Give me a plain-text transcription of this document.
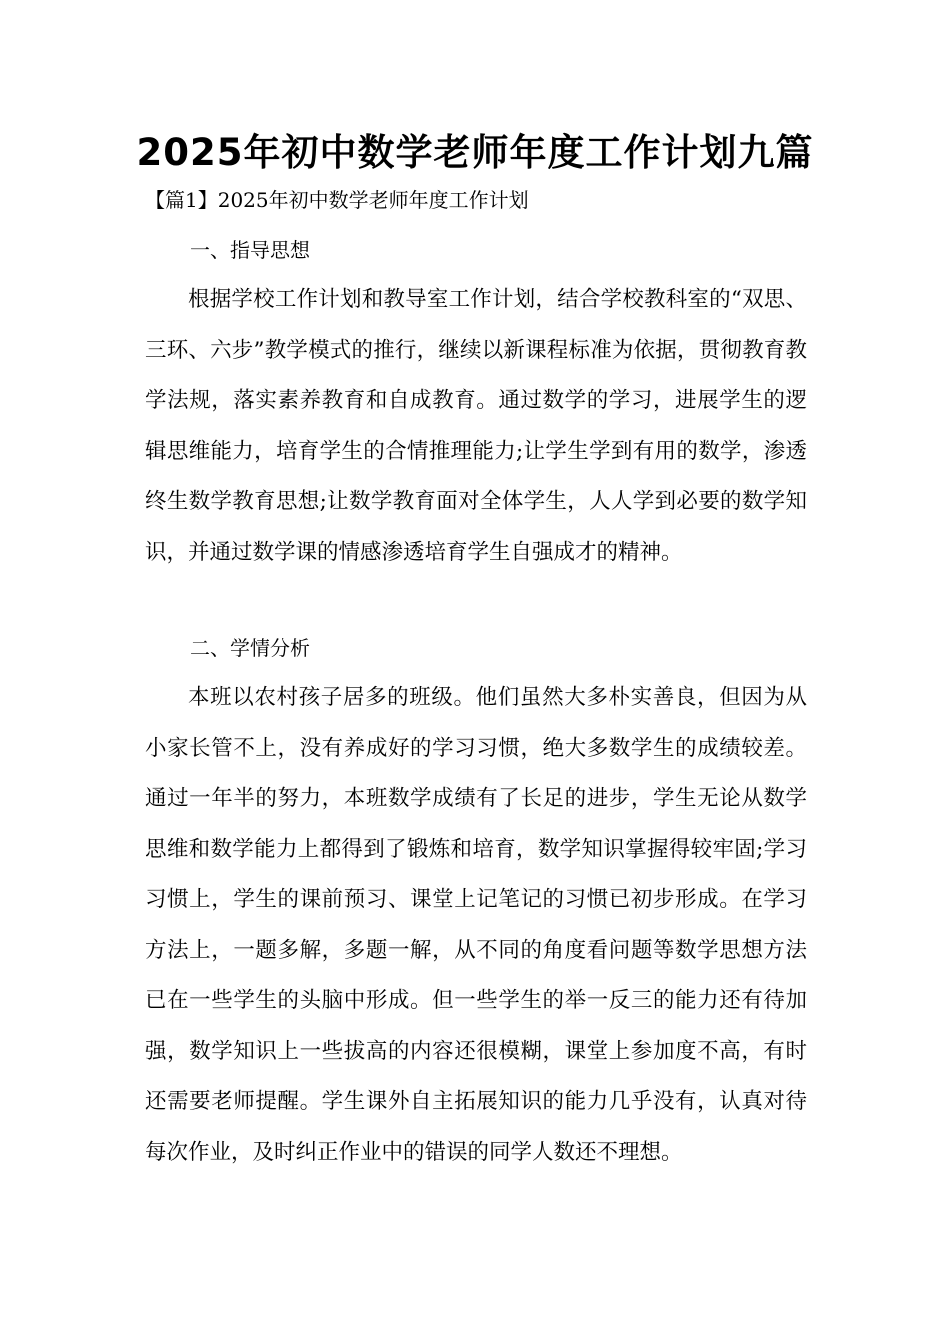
2025年初中数学老师年度工作计划九篇
【篇1】2025年初中数学老师年度工作计划
一、指导思想

根据学校工作计划和教导室工作计划，结合学校教科室的“双思、三环、六步”教学模式的推行，继续以新课程标准为依据，贯彻教育教学法规，落实素养教育和自成教育。通过数学的学习，进展学生的逻辑思维能力，培育学生的合情推理能力;让学生学到有用的数学，渗透终生数学教育思想;让数学教育面对全体学生，人人学到必要的数学知识，并通过数学课的情感渗透培育学生自强成才的精神。

二、学情分析

本班以农村孩子居多的班级。他们虽然大多朴实善良，但因为从小家长管不上，没有养成好的学习习惯，绝大多数学生的成绩较差。通过一年半的努力，本班数学成绩有了长足的进步，学生无论从数学思维和数学能力上都得到了锻炼和培育，数学知识掌握得较牢固;学习习惯上，学生的课前预习、课堂上记笔记的习惯已初步形成。在学习方法上，一题多解，多题一解，从不同的角度看问题等数学思想方法已在一些学生的头脑中形成。但一些学生的举一反三的能力还有待加强，数学知识上一些拔高的内容还很模糊，课堂上参加度不高，有时还需要老师提醒。学生课外自主拓展知识的能力几乎没有，认真对待每次作业，及时纠正作业中的错误的同学人数还不理想。
